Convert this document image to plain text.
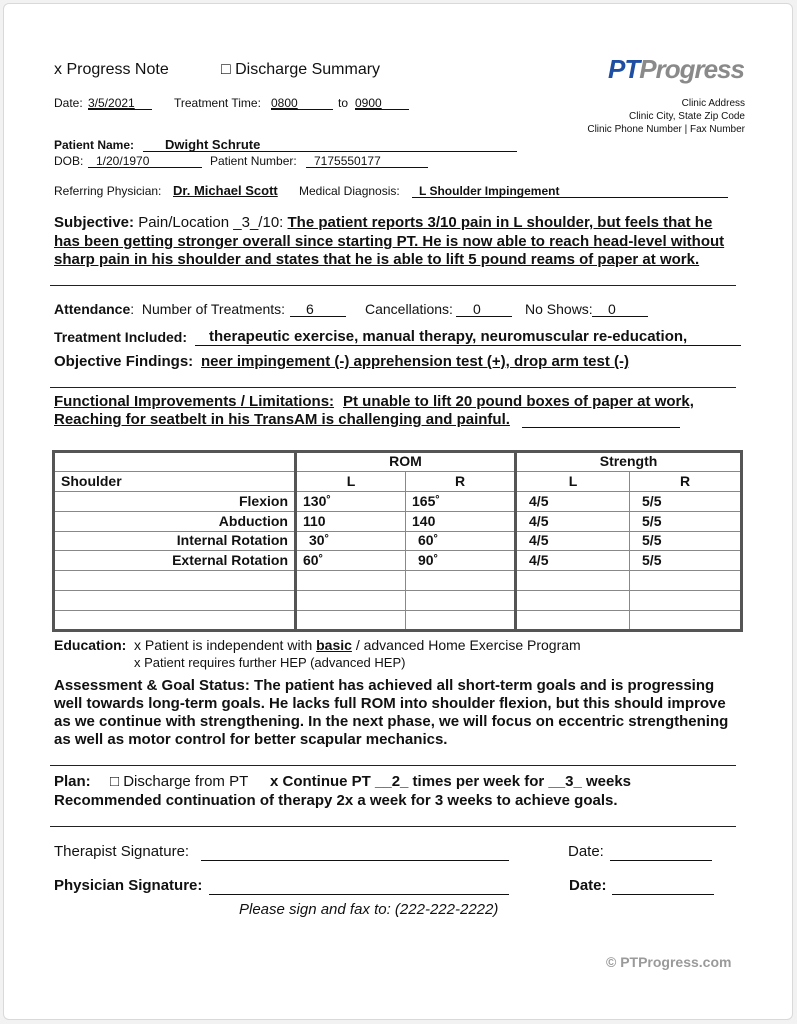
x Progress Note	□ Discharge Summary	PTProgress
Date: 3/5/2021	Treatment Time: 0800	to 0900	Clinic Address
Clinic City, State Zip Code
Clinic Phone Number | Fax Number
Patient Name: Dwight Schrute
DOB: 1/20/1970	Patient Number: 7175550177
Referring Physician: Dr. Michael Scott Medical Diagnosis: L Shoulder Impingement
Subjective: Pain/Location _3_/10: The patient reports 3/10 pain in L shoulder, but feels that he
has been getting stronger overall since starting PT. He is now able to reach head-level without
sharp pain in his shoulder and states that he is able to lift 5 pound reams of paper at work.
Attendance:  Number of Treatments: 6	Cancellations: 0	No Shows: 0
Treatment Included: therapeutic exercise, manual therapy, neuromuscular re-education,
Objective Findings: neer impingement (-) apprehension test (+), drop arm test (-)
Functional Improvements / Limitations: Pt unable to lift 20 pound boxes of paper at work,
Reaching for seatbelt in his TransAM is challenging and painful.
	ROM		Strength	
Shoulder	L	R	L	R
Flexion	130˚	165˚	4/5	5/5
Abduction	110	140	4/5	5/5
Internal Rotation	30˚	60˚	4/5	5/5
External Rotation	60˚	90˚	4/5	5/5

Education: x Patient is independent with basic / advanced Home Exercise Program
x Patient requires further HEP (advanced HEP)
Assessment & Goal Status: The patient has achieved all short-term goals and is progressing well towards long-term goals. He lacks full ROM into shoulder flexion, but this should improve as we continue with strengthening. In the next phase, we will focus on eccentric strengthening as well as motor control for better scapular mechanics.
Plan: □ Discharge from PT x Continue PT __2_ times per week for __3_ weeks
Recommended continuation of therapy 2x a week for 3 weeks to achieve goals.
Therapist Signature:	Date:
Physician Signature:	Date:
Please sign and fax to: (222-222-2222)
© PTProgress.com
